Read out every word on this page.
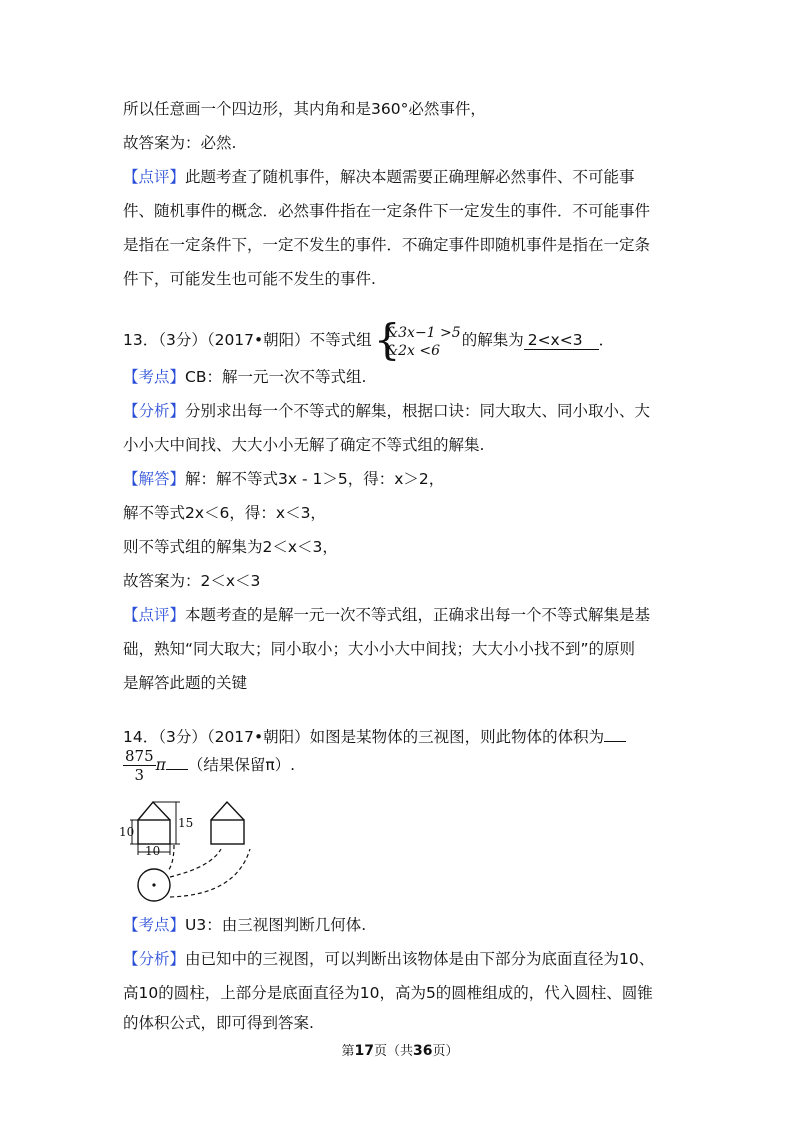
所以任意画一个四边形，其内角和是360°必然事件，
故答案为：必然.
【点评】此题考查了随机事件，解决本题需要正确理解必然事件、不可能事
件、随机事件的概念．必然事件指在一定条件下一定发生的事件．不可能事件
是指在一定条件下，一定不发生的事件．不确定事件即随机事件是指在一定条
件下，可能发生也可能不发生的事件.
13．（3分）（2017•朝阳）不等式组 {
&3x−1 >5
&2x <6
的解集为 2<x<3 ．
【考点】CB：解一元一次不等式组.
【分析】分别求出每一个不等式的解集，根据口诀：同大取大、同小取小、大
小小大中间找、大大小小无解了确定不等式组的解集.
【解答】解：解不等式3x - 1＞5，得：x＞2，
解不等式2x＜6，得：x＜3，
则不等式组的解集为2＜x＜3，
故答案为：2＜x＜3
【点评】本题考查的是解一元一次不等式组，正确求出每一个不等式解集是基
础，熟知“同大取大；同小取小；大小小大中间找；大大小小找不到”的原则
是解答此题的关键
14．（3分）（2017•朝阳）如图是某物体的三视图，则此物体的体积为
$\frac{875}{3}$ π （结果保留π）.
10
15
10
【考点】U3：由三视图判断几何体.
【分析】由已知中的三视图，可以判断出该物体是由下部分为底面直径为10、
高10的圆柱，上部分是底面直径为10，高为5的圆椎组成的，代入圆柱、圆锥
的体积公式，即可得到答案.
第17页（共36页）
